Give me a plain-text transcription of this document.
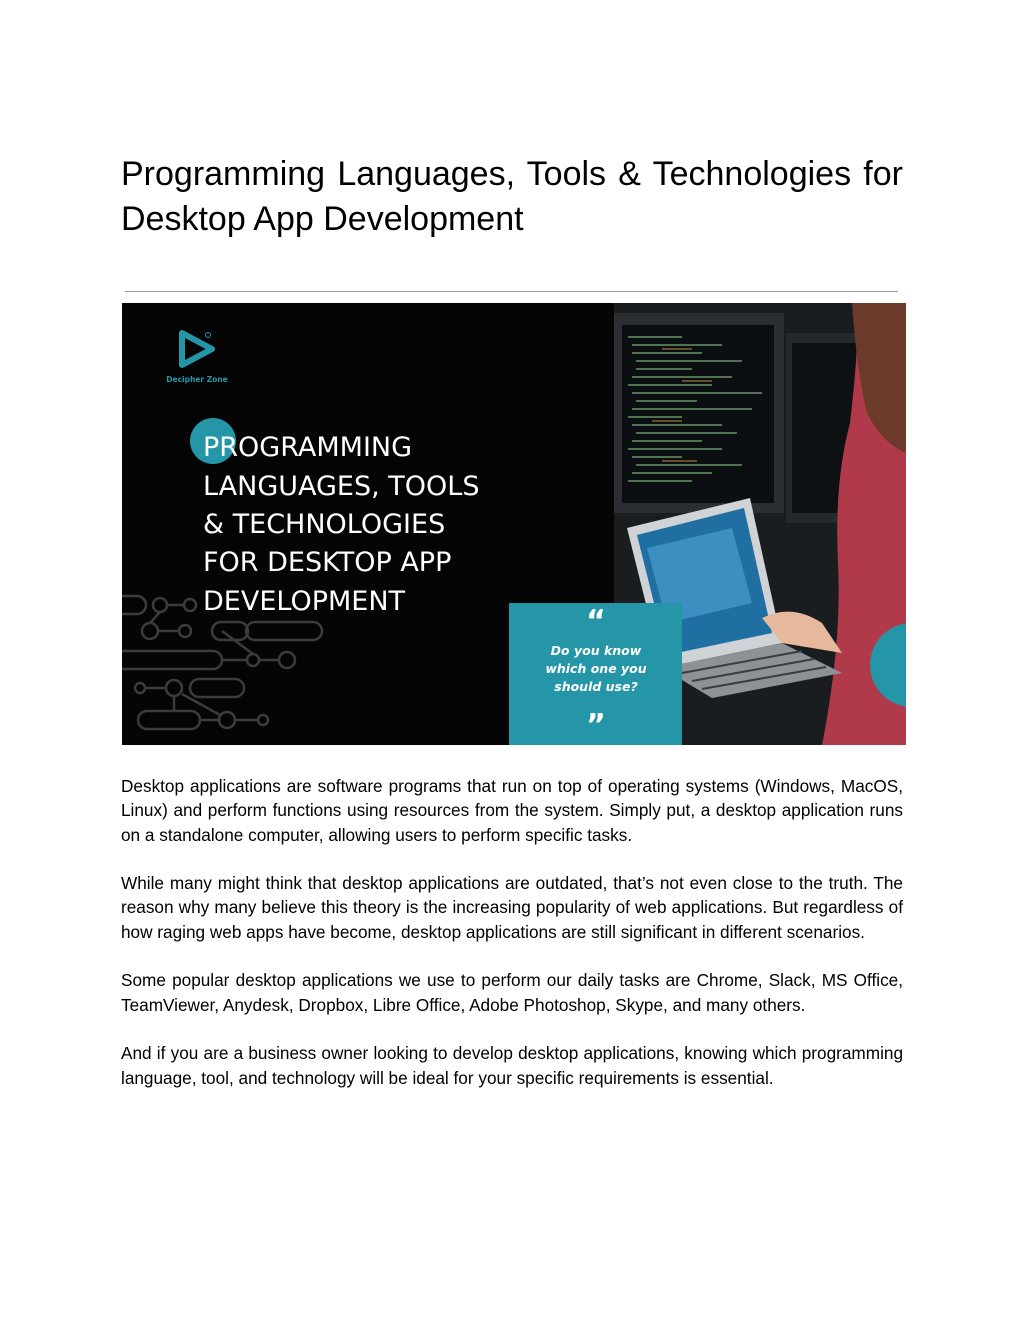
Programming Languages, Tools & Technologies for
Desktop App Development
“
Do you know
which one you
should use?
”
Decipher Zone
PROGRAMMING
LANGUAGES, TOOLS
& TECHNOLOGIES
FOR DESKTOP APP
DEVELOPMENT

Desktop applications are software programs that run on top of operating systems (Windows, MacOS, Linux) and perform functions using resources from the system. Simply put, a desktop application runs on a standalone computer, allowing users to perform specific tasks.

While many might think that desktop applications are outdated, that’s not even close to the truth. The reason why many believe this theory is the increasing popularity of web applications. But regardless of how raging web apps have become, desktop applications are still significant in different scenarios.

Some popular desktop applications we use to perform our daily tasks are Chrome, Slack, MS Office, TeamViewer, Anydesk, Dropbox, Libre Office, Adobe Photoshop, Skype, and many others.

And if you are a business owner looking to develop desktop applications, knowing which programming language, tool, and technology will be ideal for your specific requirements is essential.
